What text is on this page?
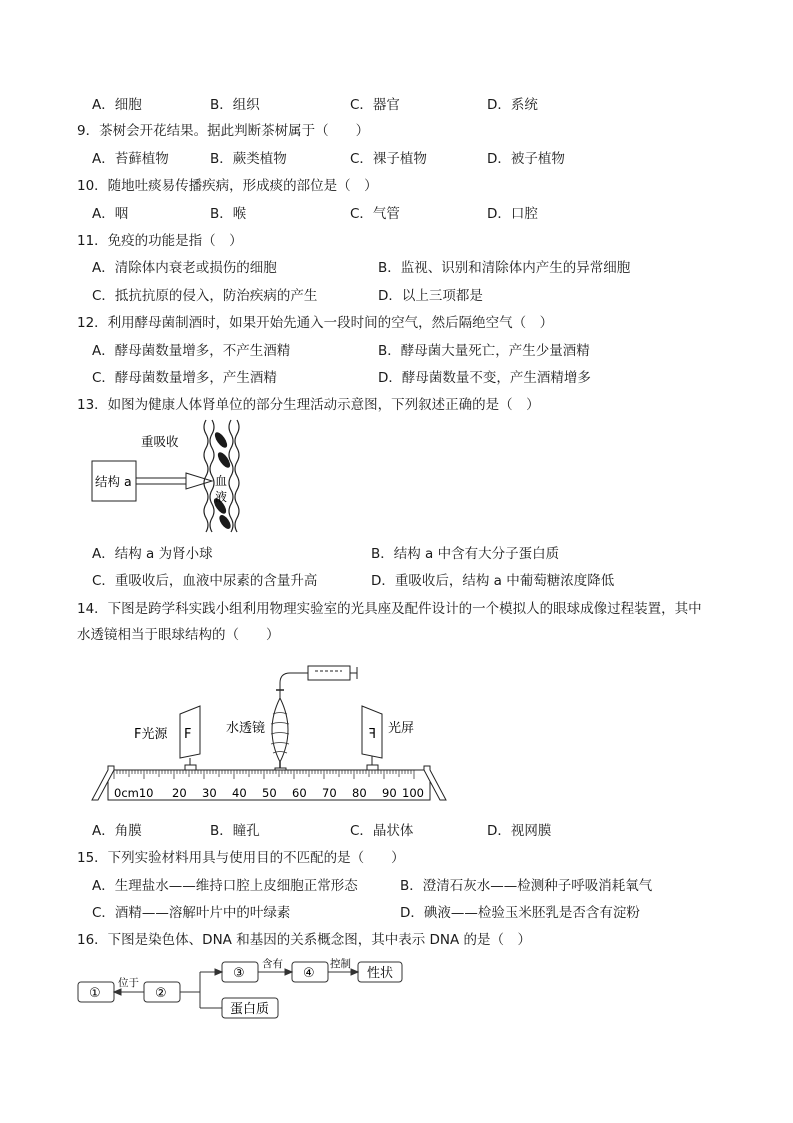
A．细胞	B．组织	C．器官	D．系统
9．茶树会开花结果。据此判断茶树属于（　　）
A．苔藓植物	B．蕨类植物	C．裸子植物	D．被子植物
10．随地吐痰易传播疾病，形成痰的部位是（　）
A．咽	B．喉	C．气管	D．口腔
11．免疫的功能是指（　）
A．清除体内衰老或损伤的细胞	B．监视、识别和清除体内产生的异常细胞
C．抵抗抗原的侵入，防治疾病的产生	D．以上三项都是
12．利用酵母菌制酒时，如果开始先通入一段时间的空气，然后隔绝空气（　）
A．酵母菌数量增多，不产生酒精	B．酵母菌大量死亡，产生少量酒精
C．酵母菌数量增多，产生酒精	D．酵母菌数量不变，产生酒精增多
13．如图为健康人体肾单位的部分生理活动示意图，下列叙述正确的是（　）
结构 a
重吸收
血
液
A．结构 a 为肾小球	B．结构 a 中含有大分子蛋白质
C．重吸收后，血液中尿素的含量升高	D．重吸收后，结构 a 中葡萄糖浓度降低
14．下图是跨学科实践小组利用物理实验室的光具座及配件设计的一个模拟人的眼球成像过程装置，其中
水透镜相当于眼球结构的（　　）
F	F
F光源	水透镜	光屏
0cm10 20 30 40 50 60 70 80 90 100
A．角膜	B．瞳孔	C．晶状体	D．视网膜
15．下列实验材料用具与使用目的不匹配的是（　　）
A．生理盐水——维持口腔上皮细胞正常形态	B．澄清石灰水——检测种子呼吸消耗氧气
C．酒精——溶解叶片中的叶绿素	D．碘液——检验玉米胚乳是否含有淀粉
16．下图是染色体、DNA 和基因的关系概念图，其中表示 DNA 的是（　）
①	②
③	④	性状
蛋白质
位于
含有	控制
